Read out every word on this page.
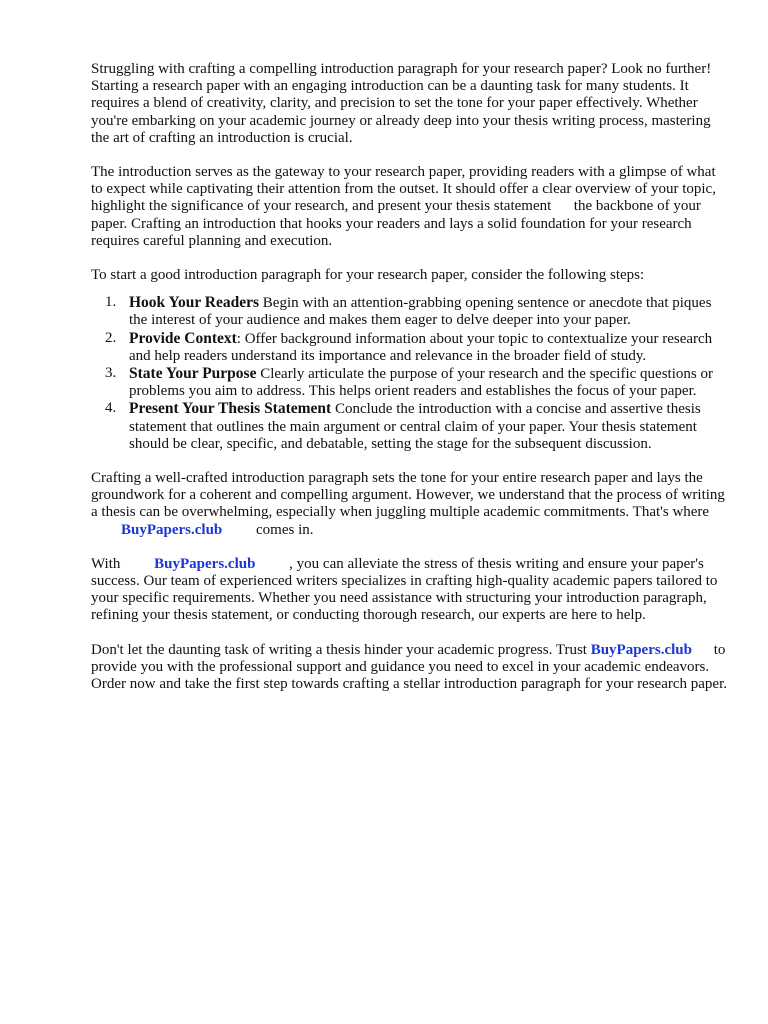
Struggling with crafting a compelling introduction paragraph for your research paper? Look no further! Starting a research paper with an engaging introduction can be a daunting task for many students. It requires a blend of creativity, clarity, and precision to set the tone for your paper effectively. Whether you're embarking on your academic journey or already deep into your thesis writing process, mastering the art of crafting an introduction is crucial.

The introduction serves as the gateway to your research paper, providing readers with a glimpse of what to expect while captivating their attention from the outset. It should offer a clear overview of your topic, highlight the significance of your research, and present your thesis statement   the backbone of your paper. Crafting an introduction that hooks your readers and lays a solid foundation for your research requires careful planning and execution.

To start a good introduction paragraph for your research paper, consider the following steps:

1. Hook Your Readers Begin with an attention-grabbing opening sentence or anecdote that piques the interest of your audience and makes them eager to delve deeper into your paper.
2. Provide Context: Offer background information about your topic to contextualize your research and help readers understand its importance and relevance in the broader field of study.
3. State Your Purpose Clearly articulate the purpose of your research and the specific questions or problems you aim to address. This helps orient readers and establishes the focus of your paper.
4. Present Your Thesis Statement Conclude the introduction with a concise and assertive thesis statement that outlines the main argument or central claim of your paper. Your thesis statement should be clear, specific, and debatable, setting the stage for the subsequent discussion.

Crafting a well-crafted introduction paragraph sets the tone for your entire research paper and lays the groundwork for a coherent and compelling argument. However, we understand that the process of writing a thesis can be overwhelming, especially when juggling multiple academic commitments. That's where BuyPapers.club comes in.

With BuyPapers.club , you can alleviate the stress of thesis writing and ensure your paper's success. Our team of experienced writers specializes in crafting high-quality academic papers tailored to your specific requirements. Whether you need assistance with structuring your introduction paragraph, refining your thesis statement, or conducting thorough research, our experts are here to help.

Don't let the daunting task of writing a thesis hinder your academic progress. Trust BuyPapers.club to provide you with the professional support and guidance you need to excel in your academic endeavors. Order now and take the first step towards crafting a stellar introduction paragraph for your research paper.
